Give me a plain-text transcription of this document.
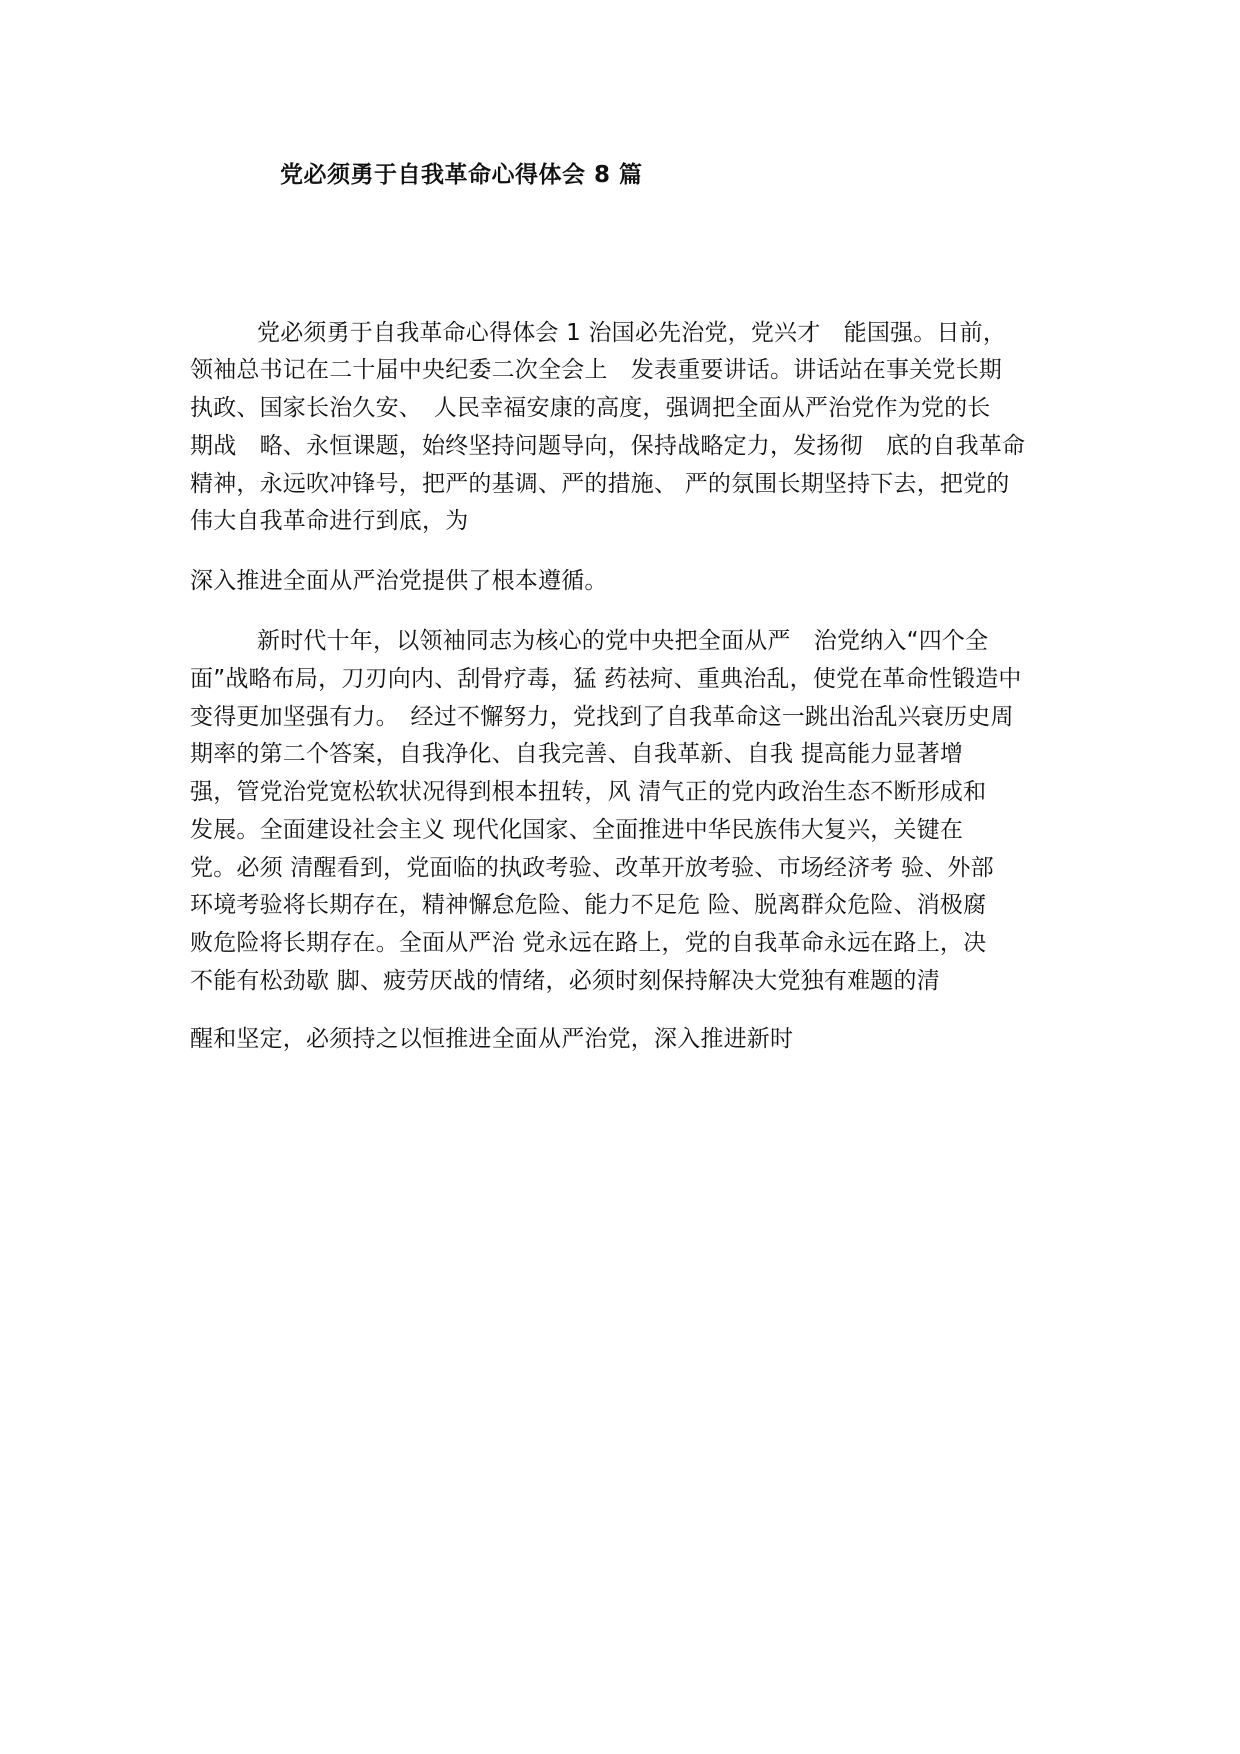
党必须勇于自我革命心得体会 8 篇
党必须勇于自我革命心得体会 1 治国必先治党，党兴才　能国强。日前，
领袖总书记在二十届中央纪委二次全会上　发表重要讲话。讲话站在事关党长期
执政、国家长治久安、　人民幸福安康的高度，强调把全面从严治党作为党的长
期战　略、永恒课题，始终坚持问题导向，保持战略定力，发扬彻　底的自我革命
精神，永远吹冲锋号，把严的基调、严的措施、 严的氛围长期坚持下去，把党的
伟大自我革命进行到底，为
深入推进全面从严治党提供了根本遵循。
新时代十年，以领袖同志为核心的党中央把全面从严　治党纳入“四个全
面”战略布局，刀刃向内、刮骨疗毒，猛 药祛疴、重典治乱，使党在革命性锻造中
变得更加坚强有力。　经过不懈努力，党找到了自我革命这一跳出治乱兴衰历史周
期率的第二个答案，自我净化、自我完善、自我革新、自我 提高能力显著增
强，管党治党宽松软状况得到根本扭转，风 清气正的党内政治生态不断形成和
发展。全面建设社会主义 现代化国家、全面推进中华民族伟大复兴，关键在
党。必须 清醒看到，党面临的执政考验、改革开放考验、市场经济考 验、外部
环境考验将长期存在，精神懈怠危险、能力不足危 险、脱离群众危险、消极腐
败危险将长期存在。全面从严治 党永远在路上，党的自我革命永远在路上，决
不能有松劲歇 脚、疲劳厌战的情绪，必须时刻保持解决大党独有难题的清
醒和坚定，必须持之以恒推进全面从严治党，深入推进新时
